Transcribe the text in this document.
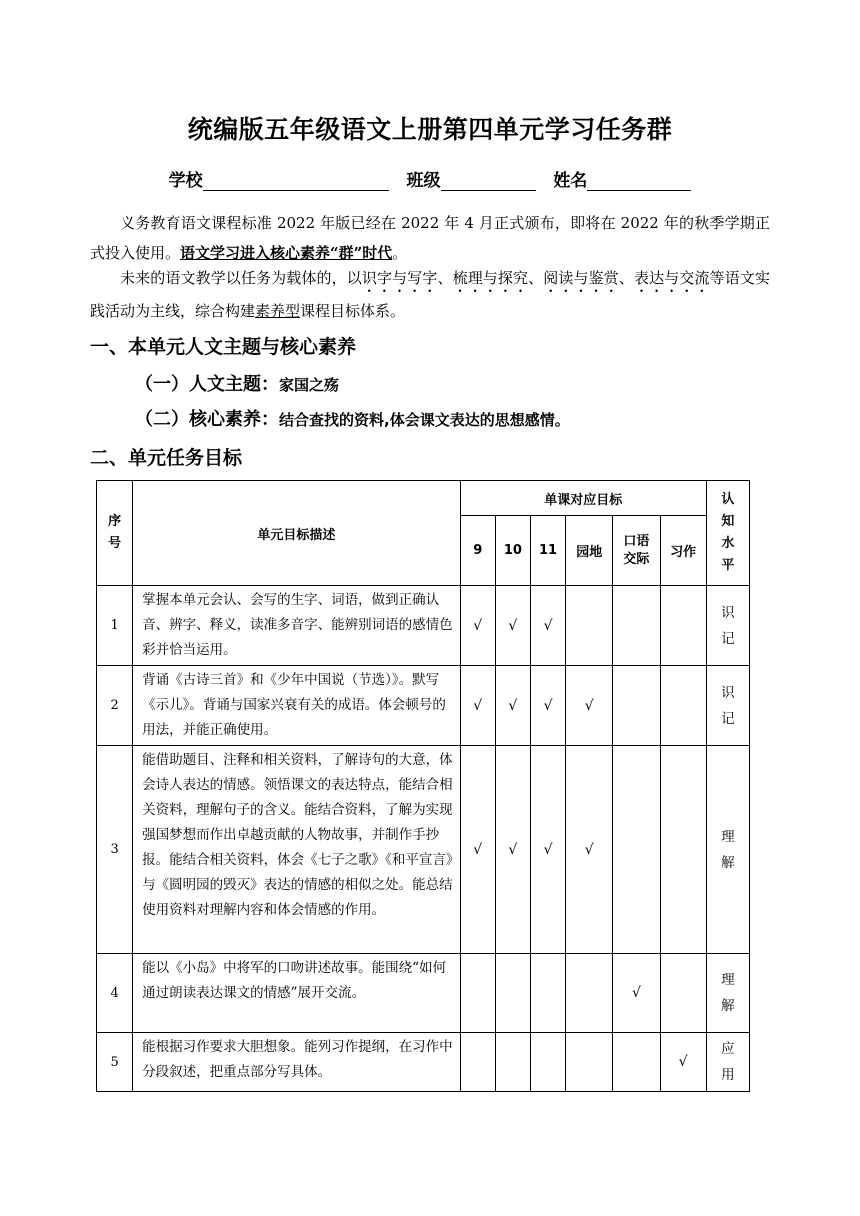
统编版五年级语文上册第四单元学习任务群
学校	班级	姓名
义务教育语文课程标准 2022 年版已经在 2022 年 4 月正式颁布，即将在 2022 年的秋季学期正式投入使用。语文学习进入核心素养“群”时代。
未来的语文教学以任务为载体的，以识字与写字、梳理与探究、阅读与鉴赏、表达与交流等语文实践活动为主线，综合构建素养型课程目标体系。
一、本单元人文主题与核心素养
（一）人文主题：家国之殇
（二）核心素养：结合查找的资料,体会课文表达的思想感情。
二、单元任务目标
序号	单元目标描述	单课对应目标						认知水平
		9	10	11	园地	口语交际	习作	
1	掌握本单元会认、会写的生字、词语，做到正确认音、辨字、释义，读准多音字、能辨别词语的感情色彩并恰当运用。	√	√	√				识记
2	背诵《古诗三首》和《少年中国说（节选）》。默写《示儿》。背诵与国家兴衰有关的成语。体会顿号的用法，并能正确使用。	√	√	√	√			识记
3	能借助题目、注释和相关资料，了解诗句的大意，体会诗人表达的情感。领悟课文的表达特点，能结合相关资料，理解句子的含义。能结合资料，了解为实现强国梦想而作出卓越贡献的人物故事，并制作手抄报。能结合相关资料，体会《七子之歌》《和平宣言》与《圆明园的毁灭》表达的情感的相似之处。能总结使用资料对理解内容和体会情感的作用。	√	√	√	√			理解
4	能以《小岛》中将军的口吻讲述故事。能围绕“如何通过朗读表达课文的情感”展开交流。					√		理解
5	能根据习作要求大胆想象。能列习作提纲，在习作中分段叙述，把重点部分写具体。						√	应用
